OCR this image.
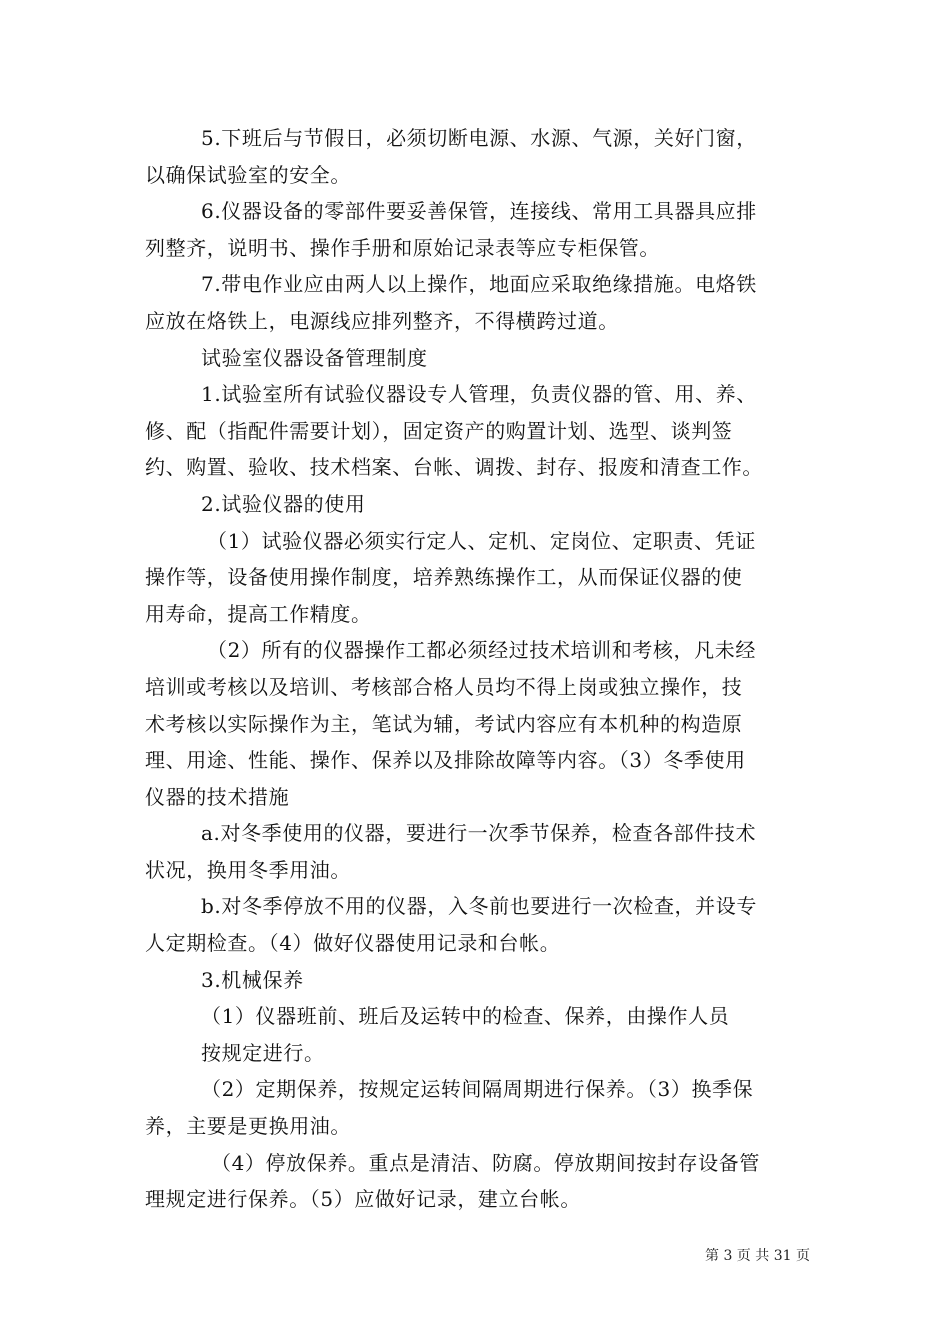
5.下班后与节假日，必须切断电源、水源、气源，关好门窗，
以确保试验室的安全。
6.仪器设备的零部件要妥善保管，连接线、常用工具器具应排
列整齐，说明书、操作手册和原始记录表等应专柜保管。
7.带电作业应由两人以上操作，地面应采取绝缘措施。电烙铁
应放在烙铁上，电源线应排列整齐，不得横跨过道。
试验室仪器设备管理制度
1.试验室所有试验仪器设专人管理，负责仪器的管、用、养、
修、配（指配件需要计划），固定资产的购置计划、选型、谈判签
约、购置、验收、技术档案、台帐、调拨、封存、报废和清查工作。
2.试验仪器的使用
（1）试验仪器必须实行定人、定机、定岗位、定职责、凭证
操作等，设备使用操作制度，培养熟练操作工，从而保证仪器的使
用寿命，提高工作精度。
（2）所有的仪器操作工都必须经过技术培训和考核，凡未经
培训或考核以及培训、考核部合格人员均不得上岗或独立操作，技
术考核以实际操作为主，笔试为辅，考试内容应有本机种的构造原
理、用途、性能、操作、保养以及排除故障等内容。（3）冬季使用
仪器的技术措施
a.对冬季使用的仪器，要进行一次季节保养，检查各部件技术
状况，换用冬季用油。
b.对冬季停放不用的仪器，入冬前也要进行一次检查，并设专
人定期检查。（4）做好仪器使用记录和台帐。
3.机械保养
（1）仪器班前、班后及运转中的检查、保养，由操作人员
按规定进行。
（2）定期保养，按规定运转间隔周期进行保养。（3）换季保
养，主要是更换用油。
（4）停放保养。重点是清洁、防腐。停放期间按封存设备管
理规定进行保养。（5）应做好记录，建立台帐。
第 3 页 共 31 页
